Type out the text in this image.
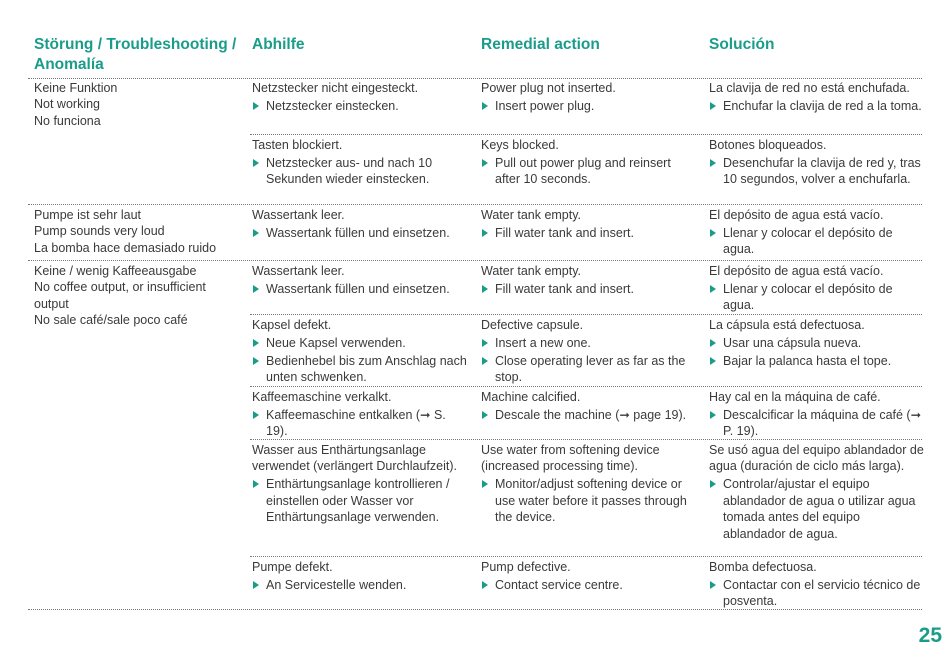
Störung / Troubleshooting / Anomalía
Abhilfe	Remedial action	Solución
Keine Funktion
Not working
No funciona
Pumpe ist sehr laut
Pump sounds very loud
La bomba hace demasiado ruido
Keine / wenig Kaffeeausgabe
No coffee output, or insufficient output
No sale café/sale poco café
Netzstecker nicht eingesteckt.
Netzstecker einstecken.
Power plug not inserted.
Insert power plug.
La clavija de red no está enchufada.
Enchufar la clavija de red a la toma.
Tasten blockiert.
Netzstecker aus- und nach 10 Sekunden wieder einstecken.
Keys blocked.
Pull out power plug and reinsert after 10 seconds.
Botones bloqueados.
Desenchufar la clavija de red y, tras 10 segundos, volver a enchufarla.
Wassertank leer.
Wassertank füllen und einsetzen.
Water tank empty.
Fill water tank and insert.
El depósito de agua está vacío.
Llenar y colocar el depósito de agua.
Wassertank leer.
Wassertank füllen und einsetzen.
Water tank empty.
Fill water tank and insert.
El depósito de agua está vacío.
Llenar y colocar el depósito de agua.
Kapsel defekt.
Neue Kapsel verwenden.
Bedienhebel bis zum Anschlag nach unten schwenken.
Defective capsule.
Insert a new one.
Close operating lever as far as the stop.
La cápsula está defectuosa.
Usar una cápsula nueva.
Bajar la palanca hasta el tope.
Kaffeemaschine verkalkt.
Kaffeemaschine entkalken (➞ S. 19).
Machine calcified.
Descale the machine (➞ page 19).
Hay cal en la máquina de café.
Descalcificar la máquina de café (➞ P. 19).
Wasser aus Enthärtungsanlage verwendet (verlängert Durchlaufzeit).
Enthärtungsanlage kontrollieren / einstellen oder Wasser vor Enthärtungsanlage verwenden.
Use water from softening device (increased processing time).
Monitor/adjust softening device or use water before it passes through the device.
Se usó agua del equipo ablandador de agua (duración de ciclo más larga).
Controlar/ajustar el equipo ablandador de agua o utilizar agua tomada antes del equipo ablandador de agua.
Pumpe defekt.
An Servicestelle wenden.
Pump defective.
Contact service centre.
Bomba defectuosa.
Contactar con el servicio técnico de posventa.
25
